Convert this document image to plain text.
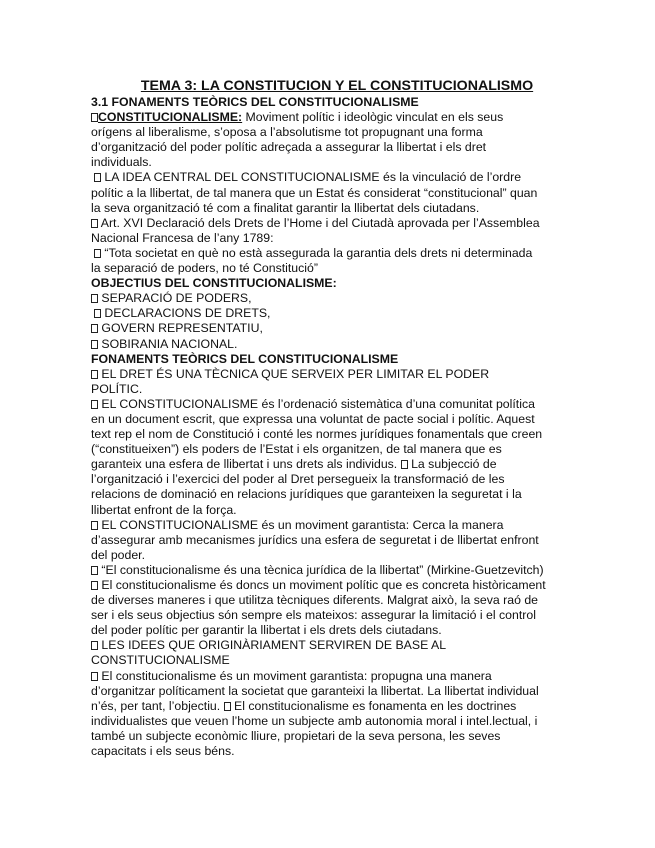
TEMA 3: LA CONSTITUCION Y EL CONSTITUCIONALISMO
3.1 FONAMENTS TEÒRICS DEL CONSTITUCIONALISME

CONSTITUCIONALISME: Moviment polític i ideològic vinculat en els seus
orígens al liberalisme, s’oposa a l’absolutisme tot propugnant una forma
d’organització del poder polític adreçada a assegurar la llibertat i els dret
individuals.

LA IDEA CENTRAL DEL CONSTITUCIONALISME és la vinculació de l’ordre
polític a la llibertat, de tal manera que un Estat és considerat “constitucional” quan
la seva organització té com a finalitat garantir la llibertat dels ciutadans.

Art. XVI Declaració dels Drets de l’Home i del Ciutadà aprovada per l’Assemblea
Nacional Francesa de l’any 1789:

“Tota societat en què no està assegurada la garantia dels drets ni determinada
la separació de poders, no té Constitució”

OBJECTIUS DEL CONSTITUCIONALISME:
SEPARACIÓ DE PODERS,
DECLARACIONS DE DRETS,
GOVERN REPRESENTATIU,
SOBIRANIA NACIONAL.
FONAMENTS TEÒRICS DEL CONSTITUCIONALISME
EL DRET ÉS UNA TÈCNICA QUE SERVEIX PER LIMITAR EL PODER
POLÍTIC.
EL CONSTITUCIONALISME és l’ordenació sistemàtica d’una comunitat política
en un document escrit, que expressa una voluntat de pacte social i polític. Aquest
text rep el nom de Constitució i conté les normes jurídiques fonamentals que creen
(“constitueixen”) els poders de l’Estat i els organitzen, de tal manera que es
garanteix una esfera de llibertat i uns drets als individus.  La subjecció de
l’organització i l’exercici del poder al Dret persegueix la transformació de les
relacions de dominació en relacions jurídiques que garanteixen la seguretat i la
llibertat enfront de la força.
EL CONSTITUCIONALISME és un moviment garantista: Cerca la manera
d’assegurar amb mecanismes jurídics una esfera de seguretat i de llibertat enfront
del poder.
“El constitucionalisme és una tècnica jurídica de la llibertat” (Mirkine-Guetzevitch)
El constitucionalisme és doncs un moviment polític que es concreta històricament
de diverses maneres i que utilitza tècniques diferents. Malgrat això, la seva raó de
ser i els seus objectius són sempre els mateixos: assegurar la limitació i el control
del poder polític per garantir la llibertat i els drets dels ciutadans.
LES IDEES QUE ORIGINÀRIAMENT SERVIREN DE BASE AL
CONSTITUCIONALISME
El constitucionalisme és un moviment garantista: propugna una manera
d’organitzar políticament la societat que garanteixi la llibertat. La llibertat individual
n’és, per tant, l’objectiu.  El constitucionalisme es fonamenta en les doctrines
individualistes que veuen l’home un subjecte amb autonomia moral i intel.lectual, i
també un subjecte econòmic lliure, propietari de la seva persona, les seves
capacitats i els seus béns.
